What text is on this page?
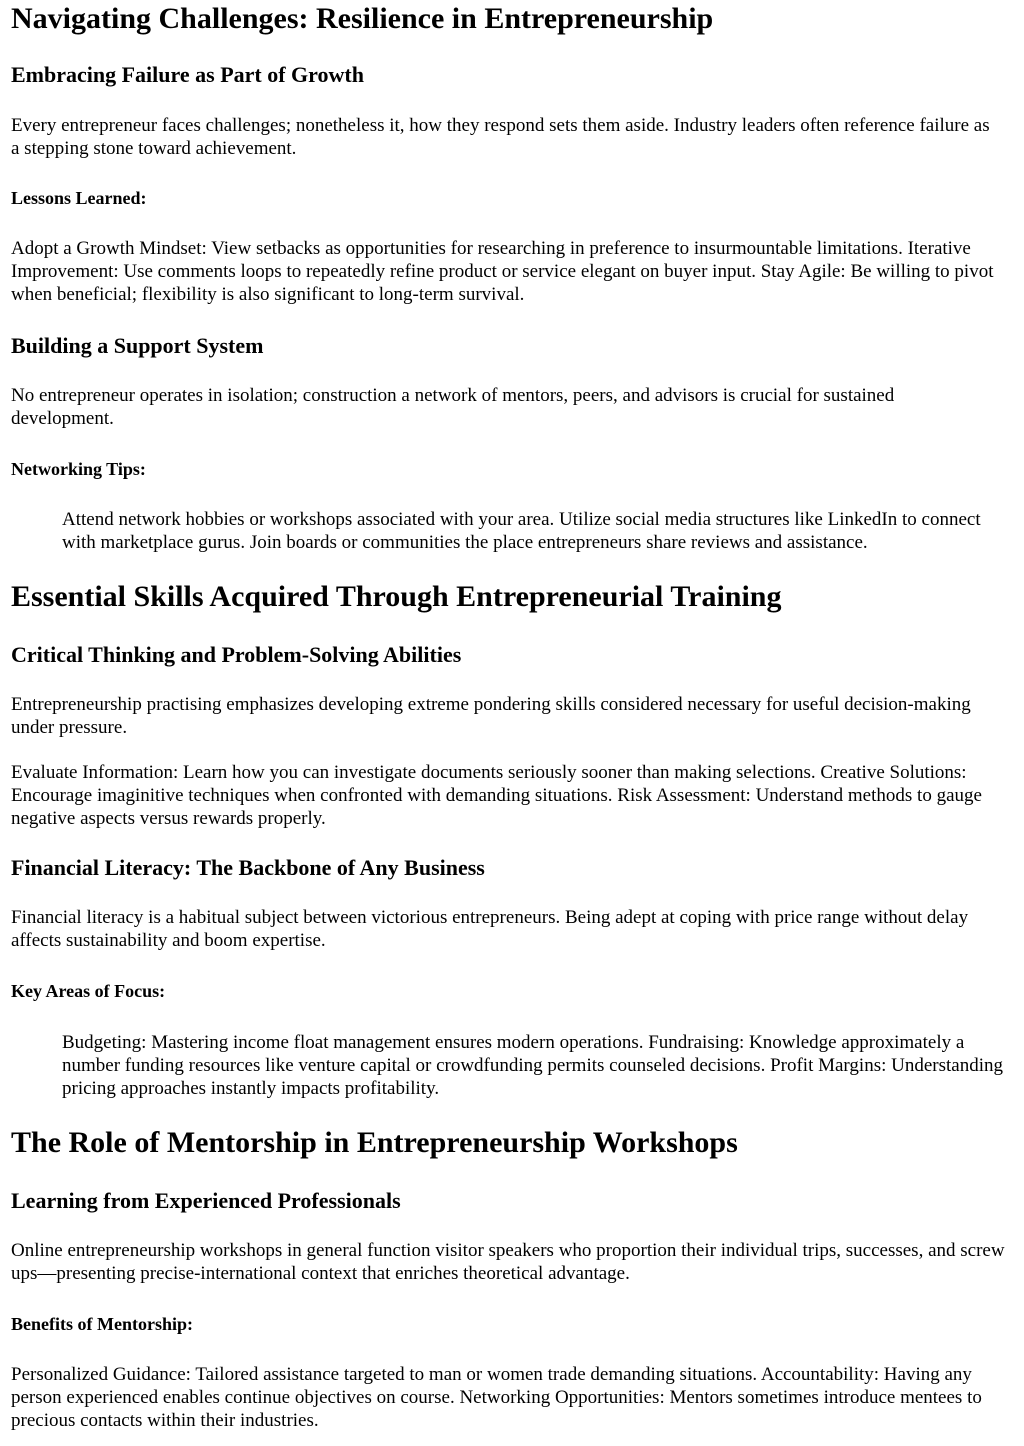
Navigating Challenges: Resilience in Entrepreneurship
Embracing Failure as Part of Growth

Every entrepreneur faces challenges; nonetheless it, how they respond sets them aside. Industry leaders often reference failure as a stepping stone toward achievement.

Lessons Learned:

Adopt a Growth Mindset: View setbacks as opportunities for researching in preference to insurmountable limitations. Iterative Improvement: Use comments loops to repeatedly refine product or service elegant on buyer input. Stay Agile: Be willing to pivot when beneficial; flexibility is also significant to long-term survival.

Building a Support System

No entrepreneur operates in isolation; construction a network of mentors, peers, and advisors is crucial for sustained development.

Networking Tips:

Attend network hobbies or workshops associated with your area. Utilize social media structures like LinkedIn to connect with marketplace gurus. Join boards or communities the place entrepreneurs share reviews and assistance.

Essential Skills Acquired Through Entrepreneurial Training
Critical Thinking and Problem-Solving Abilities

Entrepreneurship practising emphasizes developing extreme pondering skills considered necessary for useful decision-making under pressure.

Evaluate Information: Learn how you can investigate documents seriously sooner than making selections. Creative Solutions: Encourage imaginitive techniques when confronted with demanding situations. Risk Assessment: Understand methods to gauge negative aspects versus rewards properly.

Financial Literacy: The Backbone of Any Business

Financial literacy is a habitual subject between victorious entrepreneurs. Being adept at coping with price range without delay affects sustainability and boom expertise.

Key Areas of Focus:

Budgeting: Mastering income float management ensures modern operations. Fundraising: Knowledge approximately a number funding resources like venture capital or crowdfunding permits counseled decisions. Profit Margins: Understanding pricing approaches instantly impacts profitability.

The Role of Mentorship in Entrepreneurship Workshops
Learning from Experienced Professionals

Online entrepreneurship workshops in general function visitor speakers who proportion their individual trips, successes, and screw ups—presenting precise-international context that enriches theoretical advantage.

Benefits of Mentorship:

Personalized Guidance: Tailored assistance targeted to man or women trade demanding situations. Accountability: Having any person experienced enables continue objectives on course. Networking Opportunities: Mentors sometimes introduce mentees to precious contacts within their industries.
